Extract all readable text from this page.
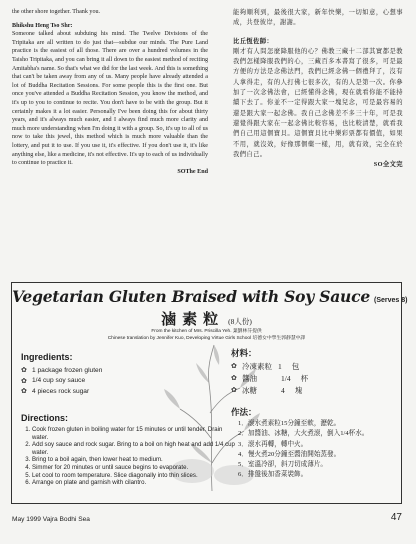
the other shore together. Thank you.

Bhikshu Heng Tso Shr:

Someone talked about subduing his mind. The Twelve Divisions of the Tripitaka are all written to do just that—subdue our minds. The Pure Land practice is the easiest of all those. There are over a hundred volumes in the Taisho Tripitaka, and you can bring it all down to the easiest method of reciting Amitabha's name. So that's what we did for the last week. And this is something that can't be taken away from any of us. Many people have already attended a lot of Buddha Recitation Sessions. For some people this is the first one. But once you've attended a Buddha Recitation Session, you know the method, and it's up to you to continue to recite. You don't have to be with the group. But it certainly makes it a lot easier. Personally I've been doing this for about thirty years, and it's always much easier, and I always find much more clarity and much more understanding when I'm doing it with a group. So, it's up to all of us now to take this jewel, this method which is much more valuable than the lottery, and put it to use. If you use it, it's effective. If you don't use it, it's like anything else, like a medicine, it's not effective. It's up to each of us individually to continue to practice it.

SOThe End

能夠順利到，最後很大家，新年快樂，一切如意，心想事成，共登彼岸，謝謝。

比丘恆佐師：

剛才有人問怎麼降服他的心？佛教三藏十二部其實都是教我們怎樣降服我們的心，三藏百多本書寫了很多，可是最方便的方法是念佛法門，我們已經念佛一個禮拜了，沒有人拿得走，有的人打佛七很多次，有的人是第一次。你參加了一次念佛法會，已經懂得念佛，現在就看你能不能持續下去了。你並不一定得跟大家一塊兒念，可是最容易的還是跟大家一起念佛。我自己念佛差不多三十年，可是我還覺得跟大家在一起念佛比較容易，也比較清楚，就看我們自己用這個寶貝。這個寶貝比中樂彩票都有價值，如果不用，就沒效，好像那個藥一樣，用，就有效，完全在於我們自己。

SO全文完

Vegetarian Gluten Braised with Soy Sauce (Serves 8)
滷素粒 (8人份)
From the kitchen of Mrs. Priscilla Yeh. 葉劉林芬提供
Chinese translation by Jennifer Kuo, Developing Virtue Girls School 培德女中學生郭靜慧中譯
Ingredients:
✿ 1 package frozen gluten
✿ 1/4 cup soy sauce
✿ 4 pieces rock sugar
Directions:
1. Cook frozen gluten in boiling water for 15 minutes or until tender. Drain water.
2. Add soy sauce and rock sugar. Bring to a boil on high heat and add 1/4 cup water.
3. Bring to a boil again, then lower heat to medium.
4. Simmer for 20 minutes or until sauce begins to evaporate.
5. Let cool to room temperature. Slice diagonally into thin slices.
6. Arrange on plate and garnish with cilantro.
材料：
✿ 冷凍素粒 1 包
✿ 醬油	1/4 杯
✿ 冰糖	4 塊
作法：
1．滾水煮素粒15分鐘至軟，瀝乾。
2．加醬油、冰糖，大火煮滾，倒入1/4杯水。
3．滾水再轉，轉中火。
4．慢火煮20分鐘至醬油開始蒸發。
5．室溫冷卻，斜刀切成薄片。
6．排盤後加香菜裝飾。
May 1999 Vajra Bodhi Sea	47
